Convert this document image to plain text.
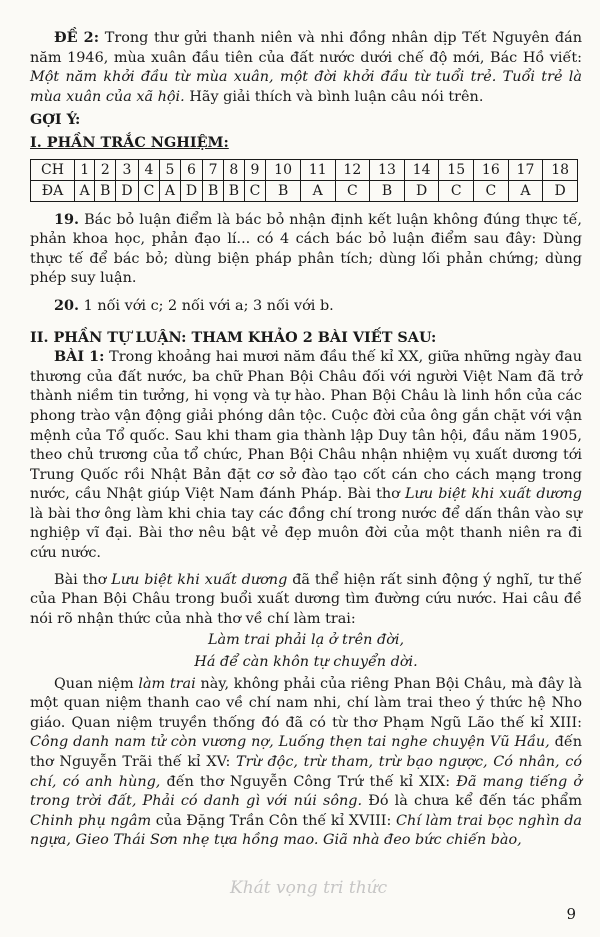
ĐỀ 2: Trong thư gửi thanh niên và nhi đồng nhân dịp Tết Nguyên đán năm 1946, mùa xuân đầu tiên của đất nước dưới chế độ mới, Bác Hồ viết: Một năm khởi đầu từ mùa xuân, một đời khởi đầu từ tuổi trẻ. Tuổi trẻ là mùa xuân của xã hội. Hãy giải thích và bình luận câu nói trên.

GỢI Ý:

I. PHẦN TRẮC NGHIỆM:

CH	1	2	3	4	5	6	7	8	9	10	11	12	13	14	15	16	17	18
ĐA	A	B	D	C	A	D	B	B	C	B	A	C	B	D	C	C	A	D

19. Bác bỏ luận điểm là bác bỏ nhận định kết luận không đúng thực tế, phản khoa học, phản đạo lí... có 4 cách bác bỏ luận điểm sau đây: Dùng thực tế để bác bỏ; dùng biện pháp phân tích; dùng lối phản chứng; dùng phép suy luận.

20. 1 nối với c; 2 nối với a; 3 nối với b.

II. PHẦN TỰ LUẬN: THAM KHẢO 2 BÀI VIẾT SAU:

BÀI 1: Trong khoảng hai mươi năm đầu thế kỉ XX, giữa những ngày đau thương của đất nước, ba chữ Phan Bội Châu đối với người Việt Nam đã trở thành niềm tin tưởng, hi vọng và tự hào. Phan Bội Châu là linh hồn của các phong trào vận động giải phóng dân tộc. Cuộc đời của ông gắn chặt với vận mệnh của Tổ quốc. Sau khi tham gia thành lập Duy tân hội, đầu năm 1905, theo chủ trương của tổ chức, Phan Bội Châu nhận nhiệm vụ xuất dương tới Trung Quốc rồi Nhật Bản đặt cơ sở đào tạo cốt cán cho cách mạng trong nước, cầu Nhật giúp Việt Nam đánh Pháp. Bài thơ Lưu biệt khi xuất dương là bài thơ ông làm khi chia tay các đồng chí trong nước để dấn thân vào sự nghiệp vĩ đại. Bài thơ nêu bật vẻ đẹp muôn đời của một thanh niên ra đi cứu nước.

Bài thơ Lưu biệt khi xuất dương đã thể hiện rất sinh động ý nghĩ, tư thế của Phan Bội Châu trong buổi xuất dương tìm đường cứu nước. Hai câu đề nói rõ nhận thức của nhà thơ về chí làm trai:

Làm trai phải lạ ở trên đời,

Há để càn khôn tự chuyển dời.

Quan niệm làm trai này, không phải của riêng Phan Bội Châu, mà đây là một quan niệm thanh cao về chí nam nhi, chí làm trai theo ý thức hệ Nho giáo. Quan niệm truyền thống đó đã có từ thơ Phạm Ngũ Lão thế kỉ XIII: Công danh nam tử còn vương nợ, Luống thẹn tai nghe chuyện Vũ Hầu, đến thơ Nguyễn Trãi thế kỉ XV: Trừ độc, trừ tham, trừ bạo ngược, Có nhân, có chí, có anh hùng, đến thơ Nguyễn Công Trứ thế kỉ XIX: Đã mang tiếng ở trong trời đất, Phải có danh gì với núi sông. Đó là chưa kể đến tác phẩm Chinh phụ ngâm của Đặng Trần Côn thế kỉ XVIII: Chí làm trai bọc nghìn da ngựa, Gieo Thái Sơn nhẹ tựa hồng mao. Giã nhà đeo bức chiến bào,

Khát vọng tri thức
9
